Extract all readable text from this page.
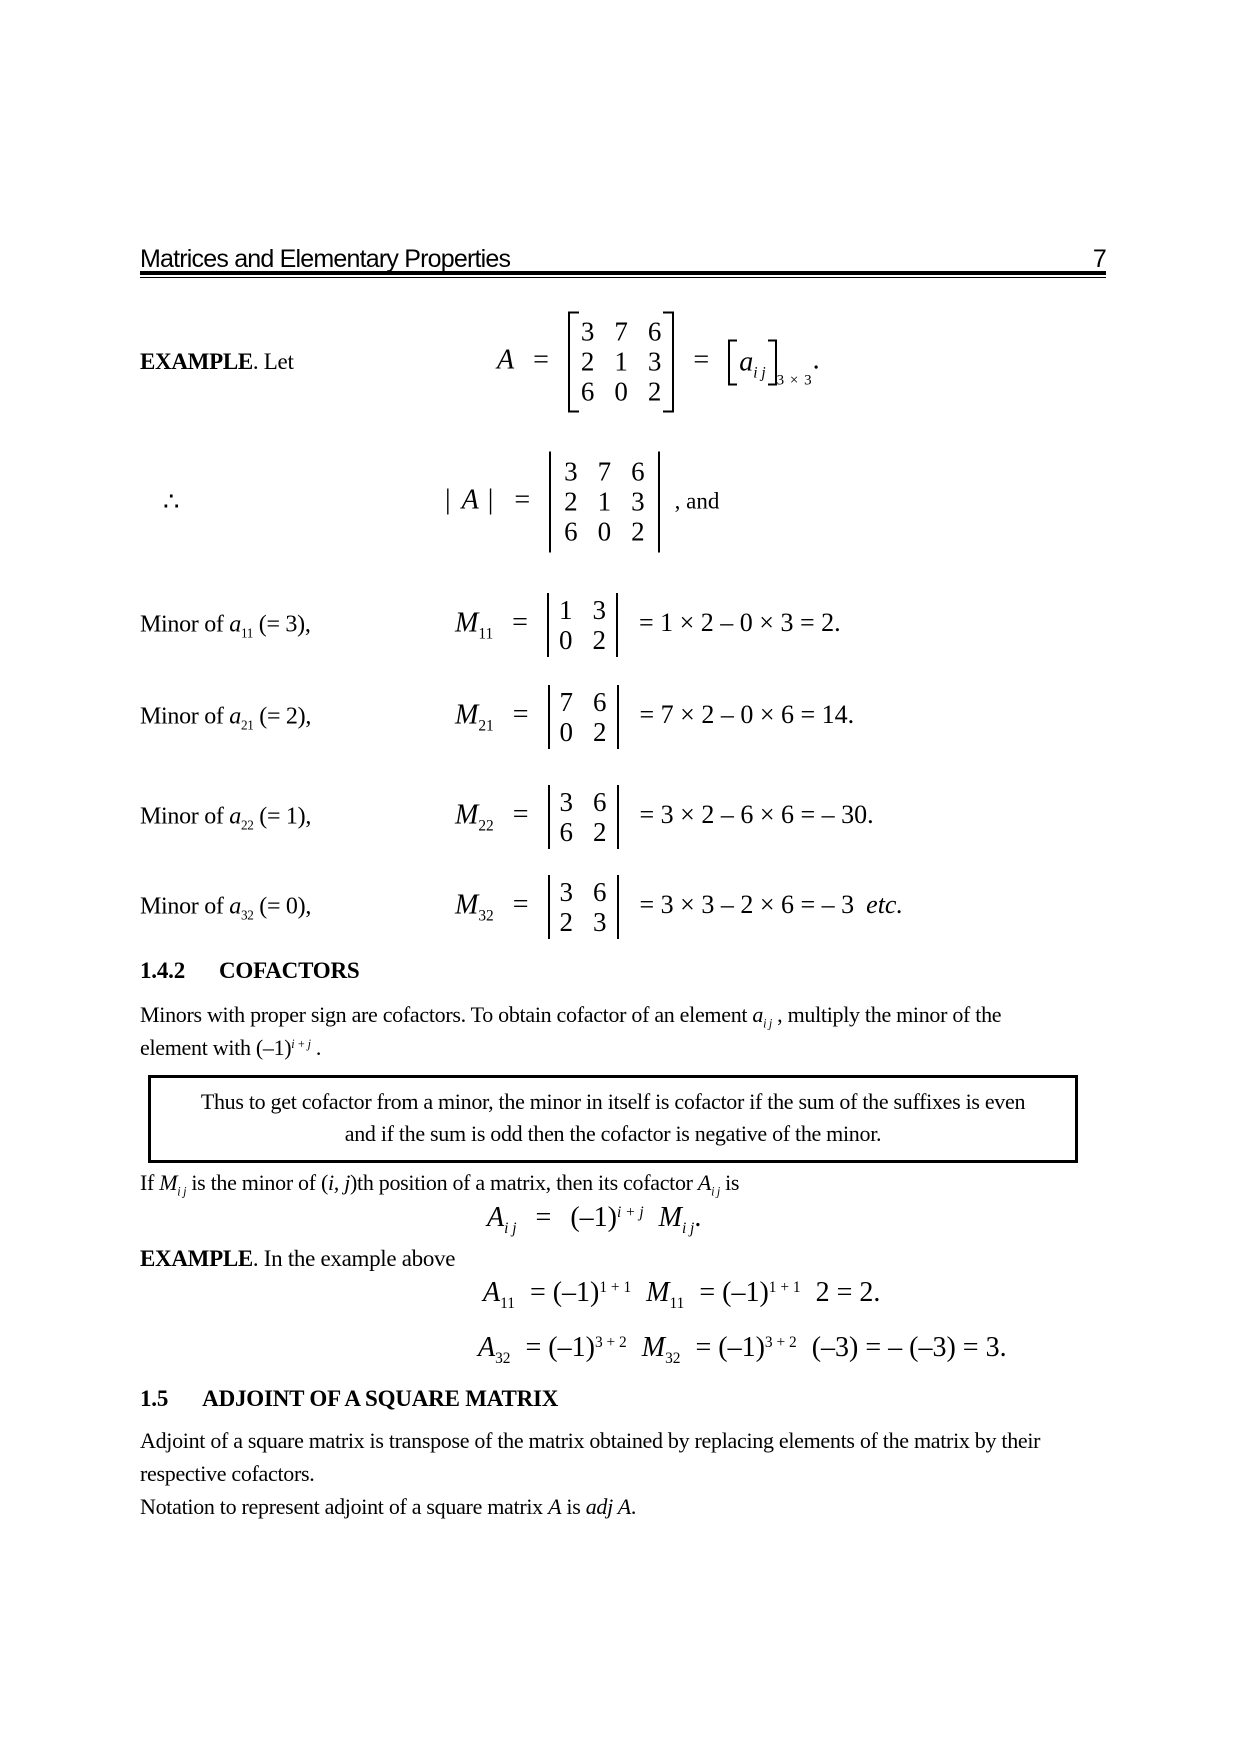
Matrices and Elementary Properties	7
EXAMPLE. Let	A =
3 7 6
2 1 3
6 0 2
= $a_{i j}$ $_{3 \times 3}$.
∴	| A | =
3 7 6
2 1 3
6 0 2
, and
Minor of $a_{11}$ (= 3),	$M_{11} = 1$ 3
0 2
= 1 × 2 – 0 × 3 = 2.
Minor of $a_{21}$ (= 2),	$M_{21} = 7$ 6
0 2
= 7 × 2 – 0 × 6 = 14.
Minor of $a_{22}$ (= 1),	$M_{22} = 3$ 6
6 2
= 3 × 2 – 6 × 6 = – 30.
Minor of $a_{32}$ (= 0),	$M_{32} = 3$ 6
2 3
= 3 × 3 – 2 × 6 = – 3 etc.
1.4.2 COFACTORS
Minors with proper sign are cofactors. To obtain cofactor of an element $a_{i j}$ , multiply the minor of the
element with $(-1)^{i + j}$ .
Thus to get cofactor from a minor, the minor in itself is cofactor if the sum of the suffixes is even
and if the sum is odd then the cofactor is negative of the minor.
If $M_{i j}$ is the minor of (i, j)th position of a matrix, then its cofactor $A_{i j}$ is
$A_{i j} = (-1)^{i + j}$ $M_{i j}$.
EXAMPLE. In the example above
$A_{11} = (-1)^{1 + 1}$ $M_{11} = (-1)^{1 + 1}$ 2 = 2.
$A_{32} = (-1)^{3 + 2}$ $M_{32} = (-1)^{3 + 2}$ (–3) = – (–3) = 3.
1.5 ADJOINT OF A SQUARE MATRIX
Adjoint of a square matrix is transpose of the matrix obtained by replacing elements of the matrix by their
respective cofactors.
Notation to represent adjoint of a square matrix A is adj A.
